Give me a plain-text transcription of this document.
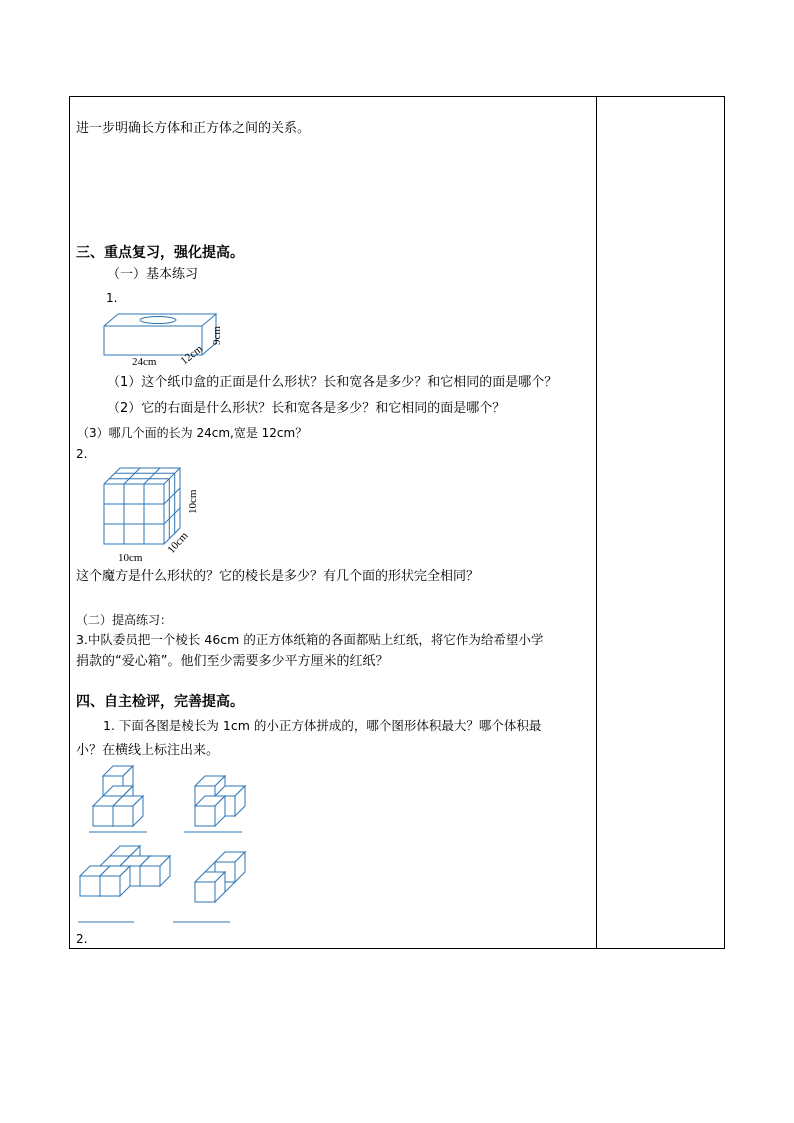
进一步明确长方体和正方体之间的关系。
三、重点复习，强化提高。
（一）基本练习
1.
24cm 12cm
9cm
（1）这个纸巾盒的正面是什么形状？长和宽各是多少？和它相同的面是哪个？
（2）它的右面是什么形状？长和宽各是多少？和它相同的面是哪个？
（3）哪几个面的长为 24cm,宽是 12cm？
2.
10cm
10cm
10cm
这个魔方是什么形状的？它的棱长是多少？有几个面的形状完全相同？
（二）提高练习：
3.中队委员把一个棱长 46cm 的正方体纸箱的各面都贴上红纸，将它作为给希望小学
捐款的“爱心箱”。他们至少需要多少平方厘米的红纸？
四、自主检评，完善提高。
1. 下面各图是棱长为 1cm 的小正方体拼成的，哪个图形体积最大？哪个体积最
小？在横线上标注出来。
2.
